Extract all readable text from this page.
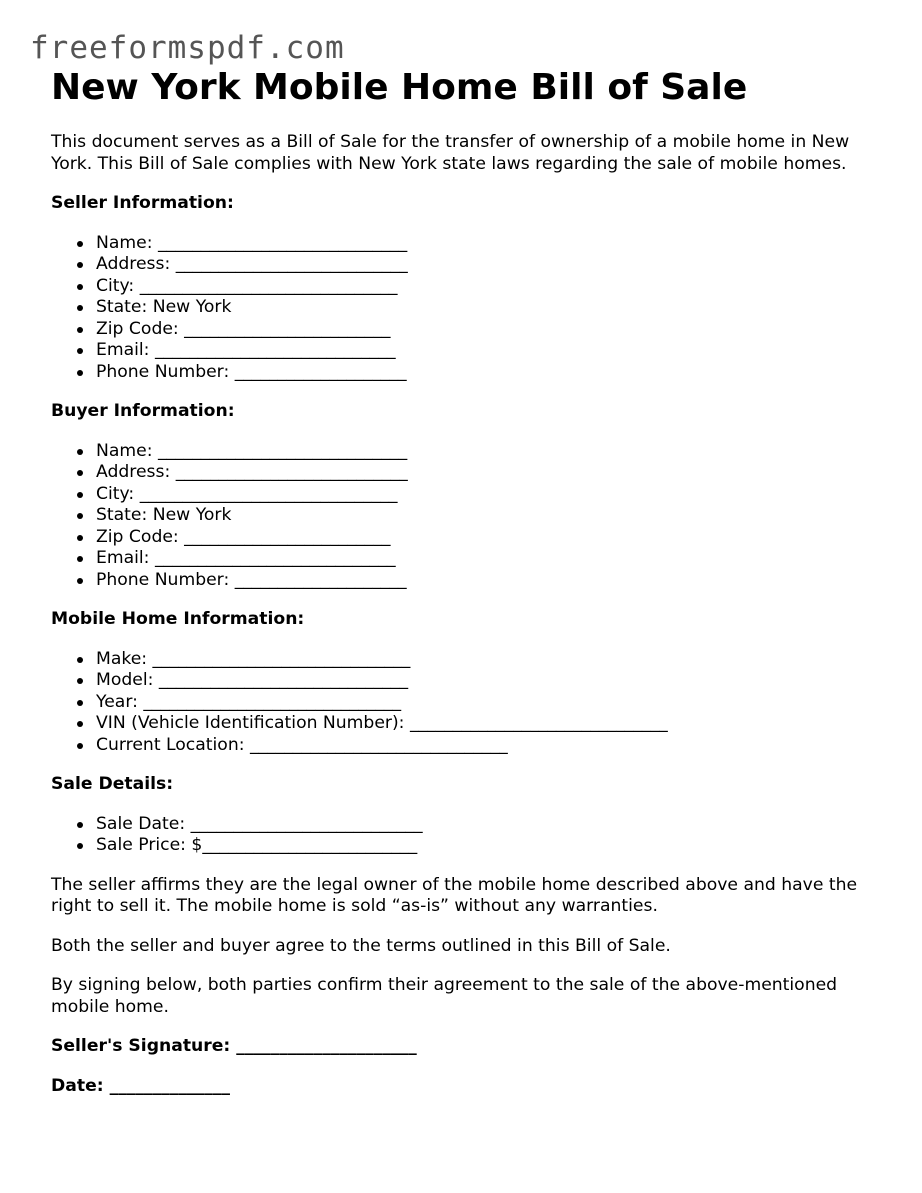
freeformspdf.com
New York Mobile Home Bill of Sale

This document serves as a Bill of Sale for the transfer of ownership of a mobile home in New York. This Bill of Sale complies with New York state laws regarding the sale of mobile homes.

Seller Information:

Name: _____________________________
Address: ___________________________
City: ______________________________
State: New York
Zip Code: ________________________
Email: ____________________________
Phone Number: ____________________

Buyer Information:

Name: _____________________________
Address: ___________________________
City: ______________________________
State: New York
Zip Code: ________________________
Email: ____________________________
Phone Number: ____________________

Mobile Home Information:

Make: ______________________________
Model: _____________________________
Year: ______________________________
VIN (Vehicle Identification Number): ______________________________
Current Location: ______________________________

Sale Details:

Sale Date: ___________________________
Sale Price: $_________________________

The seller affirms they are the legal owner of the mobile home described above and have the right to sell it. The mobile home is sold “as-is” without any warranties.

Both the seller and buyer agree to the terms outlined in this Bill of Sale.

By signing below, both parties confirm their agreement to the sale of the above-mentioned mobile home.

Seller's Signature: _____________________

Date: ______________
